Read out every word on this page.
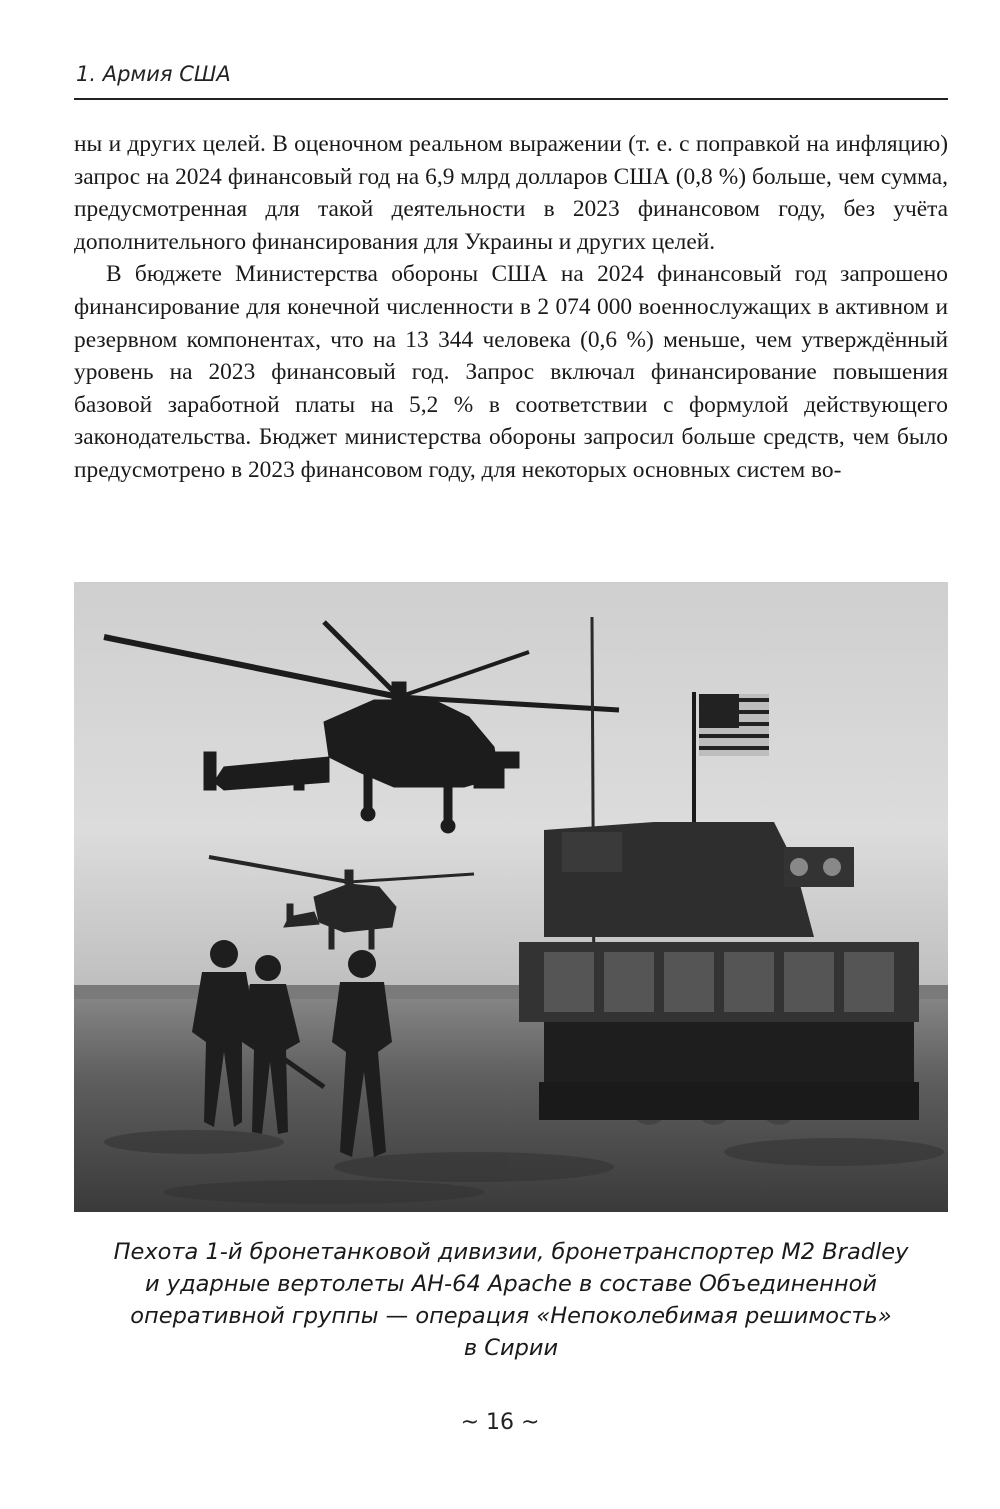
1. Армия США

ны и других целей. В оценочном реальном выражении (т. е. с поправкой на инфляцию) запрос на 2024 финансовый год на 6,9 млрд долларов США (0,8 %) больше, чем сумма, предусмотренная для такой деятельности в 2023 финансовом году, без учёта дополнительного финансирования для Украины и других целей.

В бюджете Министерства обороны США на 2024 финансовый год запрошено финансирование для конечной численности в 2 074 000 военнослужащих в активном и резервном компонентах, что на 13 344 человека (0,6 %) меньше, чем утверждённый уровень на 2023 финансовый год. Запрос включал финансирование повышения базовой заработной платы на 5,2 % в соответствии с формулой действующего законодательства. Бюджет министерства обороны запросил больше средств, чем было предусмотрено в 2023 финансовом году, для некоторых основных систем во-

Пехота 1-й бронетанковой дивизии, бронетранспортер M2 Bradley
и ударные вертолеты AH-64 Apache в составе Объединенной
оперативной группы — операция «Непоколебимая решимость»
в Сирии
~ 16 ~
